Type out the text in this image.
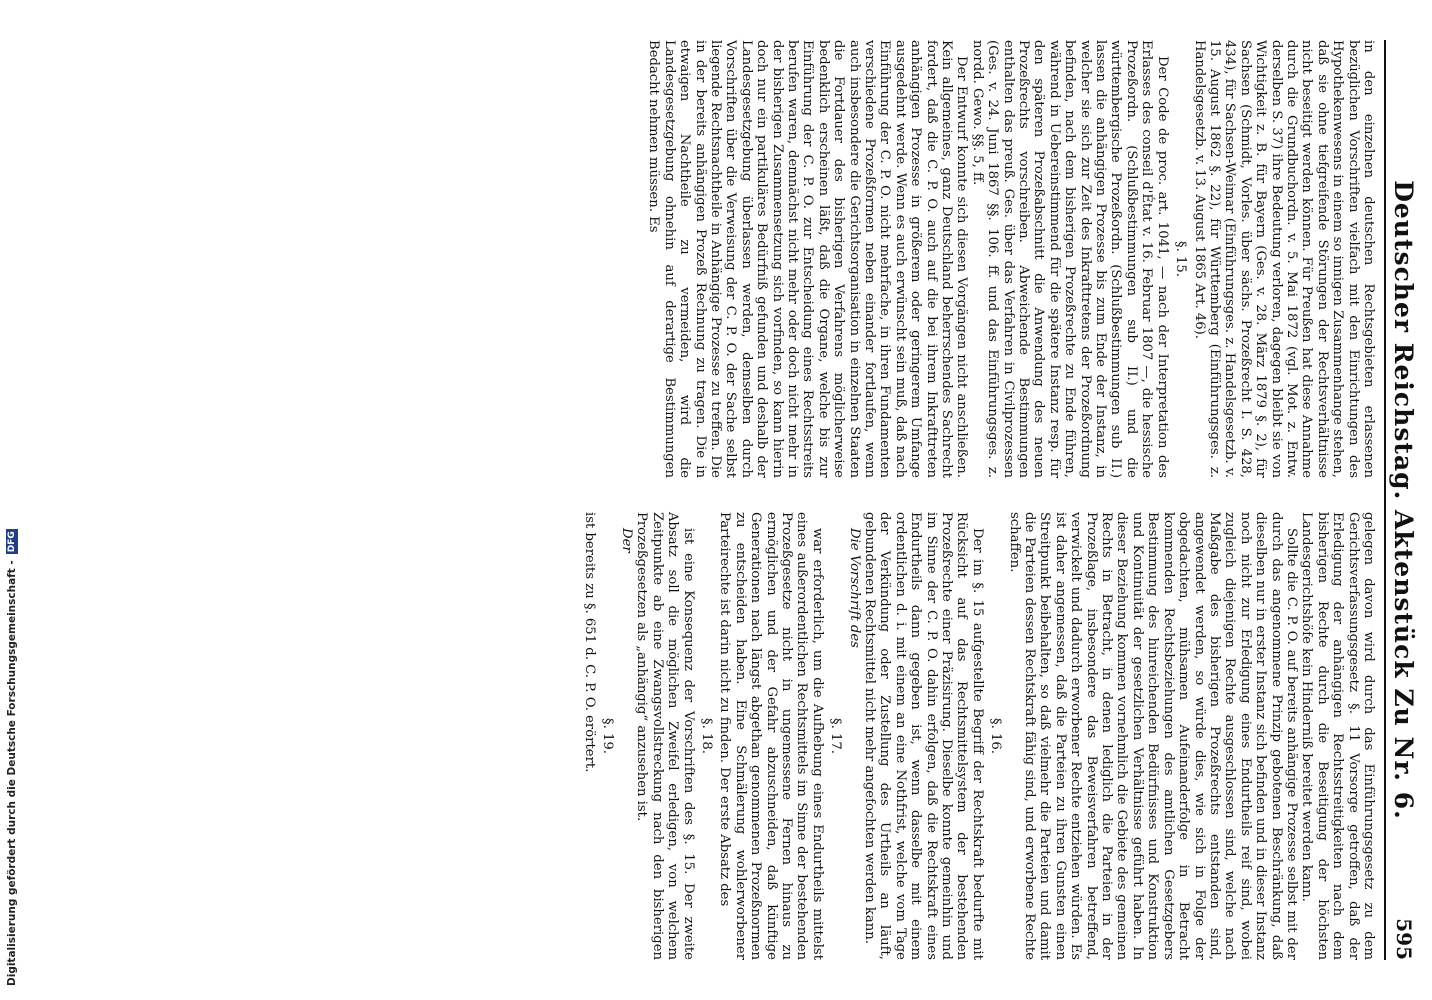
Deutscher Reichstag. Aktenstück Zu Nr. 6.
595

in den einzelnen deutschen Rechtsgebieten erlassenen bezüglichen Vorschriften vielfach mit den Einrichtungen des Hypothekenwesens in einem so innigen Zusammenhange stehen, daß sie ohne tiefgreifende Störungen der Rechtsverhältnisse nicht beseitigt werden können. Für Preußen hat diese Annahme durch die Grundbuchordn. v. 5. Mai 1872 (vgl. Mot. z. Entw. derselben S. 37) ihre Bedeutung verloren, dagegen bleibt sie von Wichtigkeit z. B. für Bayern (Ges. v. 28. März 1879 §. 2), für Sachsen (Schmidt, Vorles. über sächs. Prozeßrecht I. S. 428, 434), für Sachsen-Weimar (Einführungsges. z. Handelsgesetzb. v. 15. August 1862 §. 22), für Württemberg (Einführungsges. z. Handelsgesetzb. v. 13. August 1865 Art. 46).

§. 15.

Der Code de proc. art. 1041, — nach der Interpretation des Erlasses des conseil d'État v. 16. Februar 1807 —, die hessische Prozeßordn. (Schlußbestimmungen sub II.) und die württembergische Prozeßordn. (Schlußbestimmungen sub II.) lassen die anhängigen Prozesse bis zum Ende der Instanz, in welcher sie sich zur Zeit des Inkrafttretens der Prozeßordnung befinden, nach dem bisherigen Prozeßrechte zu Ende führen, während in Uebereinstimmend für die spätere Instanz resp. für den späteren Prozeßabschnitt die Anwendung des neuen Prozeßrechts vorschreiben. Abweichende Bestimmungen enthalten das preuß. Ges. über das Verfahren in Civilprozessen (Ges. v. 24. Juni 1867 §§. 106. ff. und das Einführungsges. z. nordd. Gewo. §§. 5, ff.

Der Entwurf konnte sich diesen Vorgängen nicht anschließen. Kein allgemeines, ganz Deutschland beherrschendes Sachrecht fordert, daß die C. P. O. auch auf die bei ihrem Inkrafttreten anhängigen Prozesse in größerem oder geringerem Umfange ausgedehnt werde. Wenn es auch erwünscht sein muß, daß nach Einführung der C. P. O. nicht mehrfache, in ihren Fundamenten verschiedene Prozeßformen neben einander fortlaufen, wenn auch insbesondere die Gerichtsorganisation in einzelnen Staaten die Fortdauer des bisherigen Verfahrens möglicherweise bedenklich erscheinen läßt, daß die Organe, welche bis zur Einführung der C. P. O. zur Entscheidung eines Rechtsstreits berufen waren, demnächst nicht mehr oder doch nicht mehr in der bisherigen Zusammensetzung sich vorfinden, so kann hierin doch nur ein partikuläres Bedürfniß gefunden und deshalb der Landesgesetzgebung überlassen werden, demselben durch Vorschriften über die Verweisung der C. P. O. der Sache selbst liegende Rechtsnachtheile in Anhängige Prozesse zu treffen. Die in der bereits anhängigen Prozeß Rechnung zu tragen. Die in etwaigen Nachtheile zu vermeiden, wird die Landesgesetzgebung ohnehin auf derartige Bestimmungen Bedacht nehmen müssen. Es

gelegen davon wird durch das Einführungsgesetz zu dem Gerichtsverfassungsgesetz §. 11 Vorsorge getroffen, daß der Erledigung der anhängigen Rechtsstreitigkeiten nach dem bisherigen Rechte durch die Beseitigung der höchsten Landesgerichtshöfe kein Hinderniß bereitet werden kann.

Sollte die C. P. O. auf bereits anhängige Prozesse selbst mit der durch das angenommene Prinzip gebotenen Beschränkung, daß dieselben nur in erster Instanz sich befinden und in dieser Instanz noch nicht zur Erledigung eines Endurtheils reif sind, wobei zugleich diejenigen Rechte ausgeschlossen sind, welche nach Maßgabe des bisherigen Prozeßrechts entstanden sind, angewendet werden, so würde dies, wie sich in Folge der obgedachten, mühsamen Aufeinanderfolge in Betracht kommenden Rechtsbeziehungen des amtlichen Gesetzgebers Bestimmung des hinreichenden Bedürfnisses und Konstruktion und Kontinuität der gesetzlichen Verhältnisse geführt haben. In dieser Beziehung kommen vornehmlich die Gebiete des gemeinen Rechts in Betracht, in denen lediglich die Parteien in der Prozeßlage, insbesondere das Beweisverfahren betreffend, verwickelt und dadurch erworbener Rechte entziehen würden. Es ist daher angemessen, daß die Parteien zu ihren Gunsten einen Streitpunkt beibehalten, so daß vielmehr die Parteien und damit die Parteien dessen Rechtskraft fähig sind, und erworbene Rechte schaffen.

§. 16.

Der im §. 15 aufgestellte Begriff der Rechtskraft bedurfte mit Rücksicht auf das Rechtsmittelsystem der bestehenden Prozeßrechte einer Präzisirung. Dieselbe konnte gemeinhin und im Sinne der C. P. O. dahin erfolgen, daß die Rechtskraft eines Endurtheils dann gegeben ist, wenn dasselbe mit einem ordentlichen d. i. mit einem an eine Nothfrist, welche vom Tage der Verkündung oder Zustellung des Urtheils an läuft, gebundenen Rechtsmittel nicht mehr angefochten werden kann.

Die Vorschrift des

§. 17.

war erforderlich, um die Aufhebung eines Endurtheils mittelst eines außerordentlichen Rechtsmittels im Sinne der bestehenden Prozeßgesetze nicht in ungemessene Fernen hinaus zu ermöglichen und der Gefahr abzuschneiden, daß künftige Generationen nach längst abgethan genommenen Prozeßnormen zu entscheiden haben. Eine Schmälerung wohlerworbener Parteirechte ist darin nicht zu finden. Der erste Absatz des

§. 18.

ist eine Konsequenz der Vorschriften des §. 15. Der zweite Absatz soll die möglichen Zweifel erledigen, von welchem Zeitpunkte ab eine Zwangsvollstreckung nach den bisherigen Prozeßgesetzen als „anhängig“ anzusehen ist.

Der

§. 19.

ist bereits zu §. 651 d. C. P. O. erörtert.

Digitalisierung gefördert durch die Deutsche Forschungsgemeinschaft -
DFG
